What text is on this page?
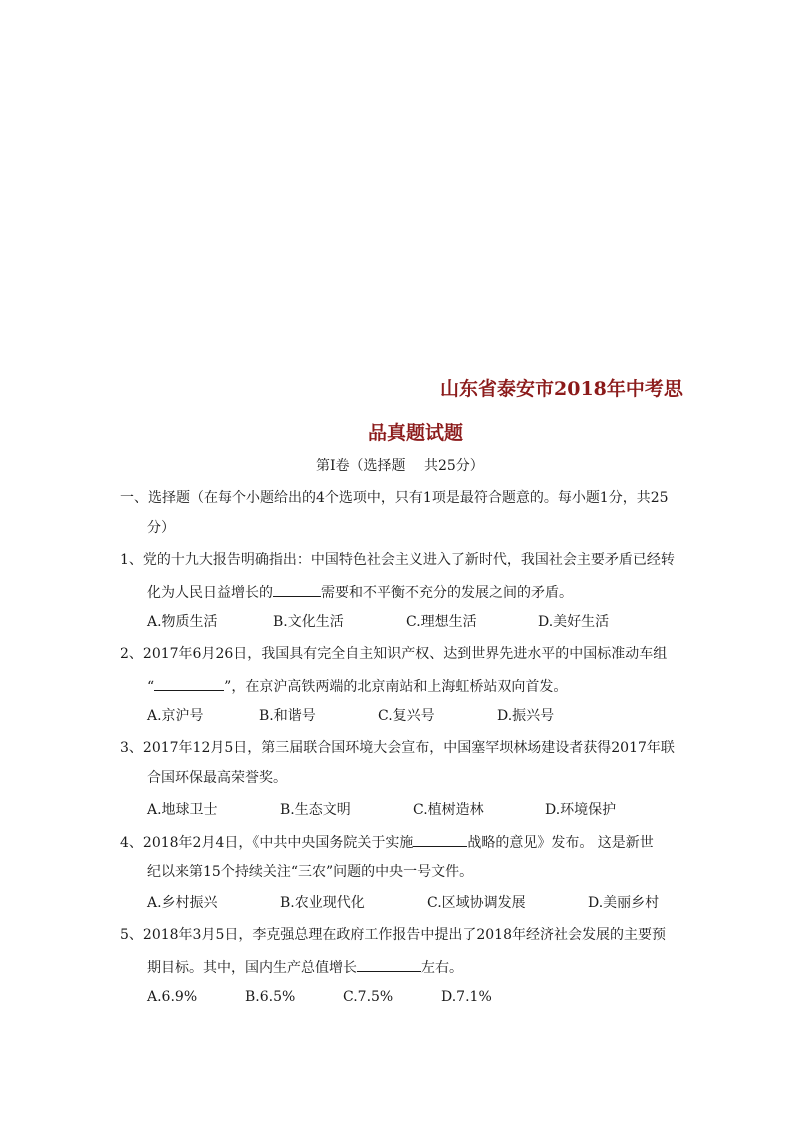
山东省泰安市2018年中考思
品真题试题
第Ⅰ卷（选择题　 共25分）
一、选择题（在每个小题给出的4个选项中，只有1项是最符合题意的。每小题1分，共25
分）
1、党的十九大报告明确指出：中国特色社会主义进入了新时代，我国社会主要矛盾已经转
化为人民日益增长的	需要和不平衡不充分的发展之间的矛盾。
A.物质生活	B.文化生活	C.理想生活	D.美好生活
2、2017年6月26日，我国具有完全自主知识产权、达到世界先进水平的中国标准动车组
“	”，在京沪高铁两端的北京南站和上海虹桥站双向首发。
A.京沪号	B.和谐号	C.复兴号	D.振兴号
3、2017年12月5日，第三届联合国环境大会宣布，中国塞罕坝林场建设者获得2017年联
合国环保最高荣誉奖。
A.地球卫士	B.生态文明	C.植树造林	D.环境保护
4、2018年2月4日，《中共中央国务院关于实施	战略的意见》发布。 这是新世
纪以来第15个持续关注“三农”问题的中央一号文件。
A.乡村振兴	B.农业现代化	C.区域协调发展	D.美丽乡村
5、2018年3月5日，李克强总理在政府工作报告中提出了2018年经济社会发展的主要预
期目标。其中，国内生产总值增长	左右。
A.6.9%	B.6.5%	C.7.5%	D.7.1%
